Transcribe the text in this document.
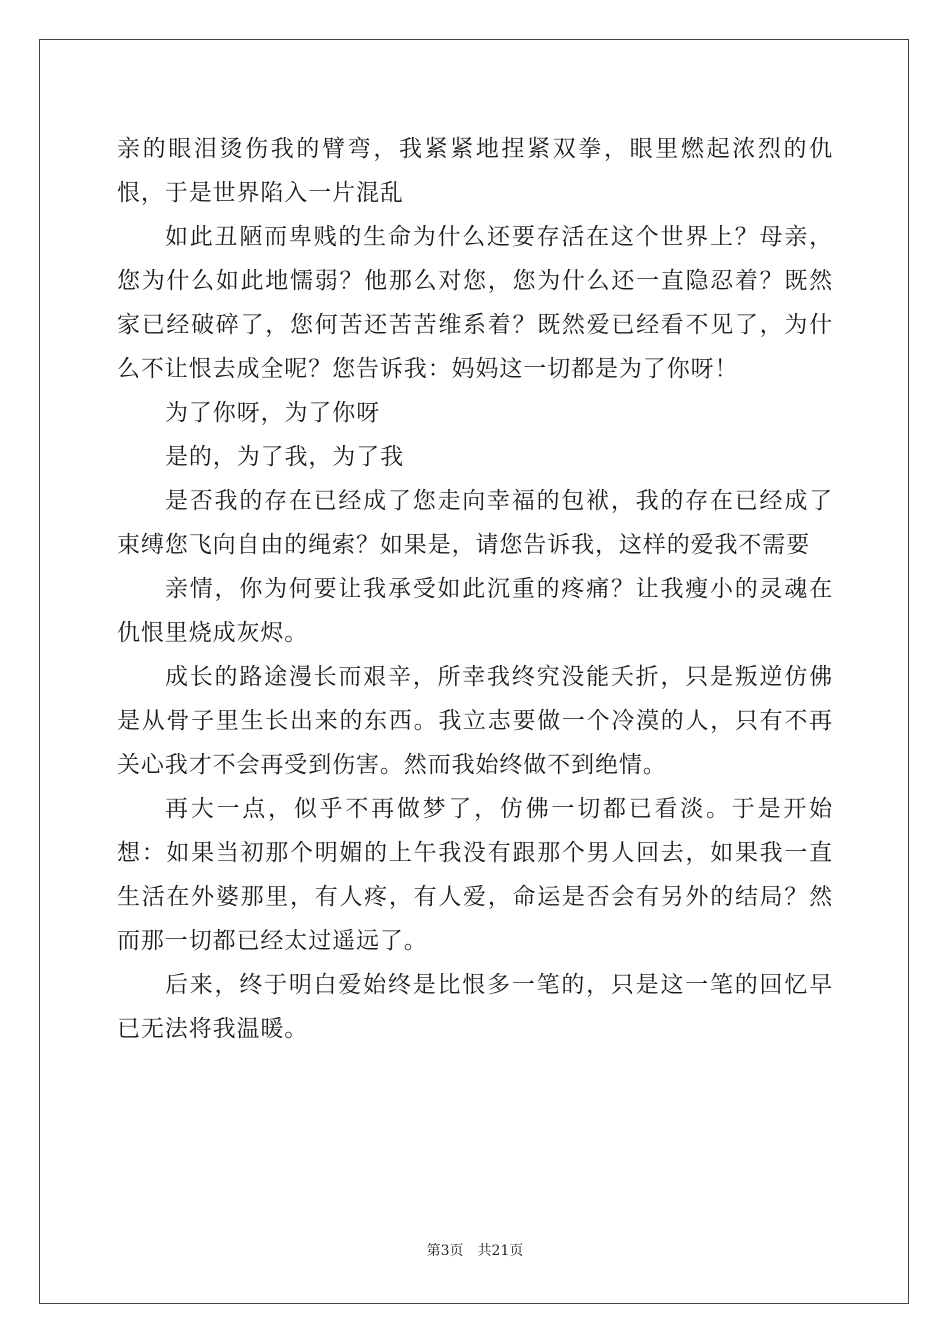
亲的眼泪烫伤我的臂弯，我紧紧地捏紧双拳，眼里燃起浓烈的仇恨，于是世界陷入一片混乱

如此丑陋而卑贱的生命为什么还要存活在这个世界上？母亲，您为什么如此地懦弱？他那么对您，您为什么还一直隐忍着？既然家已经破碎了，您何苦还苦苦维系着？既然爱已经看不见了，为什么不让恨去成全呢？您告诉我：妈妈这一切都是为了你呀！

为了你呀，为了你呀

是的，为了我，为了我

是否我的存在已经成了您走向幸福的包袱，我的存在已经成了束缚您飞向自由的绳索？如果是，请您告诉我，这样的爱我不需要

亲情，你为何要让我承受如此沉重的疼痛？让我瘦小的灵魂在仇恨里烧成灰烬。

成长的路途漫长而艰辛，所幸我终究没能夭折，只是叛逆仿佛是从骨子里生长出来的东西。我立志要做一个冷漠的人，只有不再关心我才不会再受到伤害。然而我始终做不到绝情。

再大一点，似乎不再做梦了，仿佛一切都已看淡。于是开始想：如果当初那个明媚的上午我没有跟那个男人回去，如果我一直生活在外婆那里，有人疼，有人爱，命运是否会有另外的结局？然而那一切都已经太过遥远了。

后来，终于明白爱始终是比恨多一笔的，只是这一笔的回忆早已无法将我温暖。

第3页 共21页
